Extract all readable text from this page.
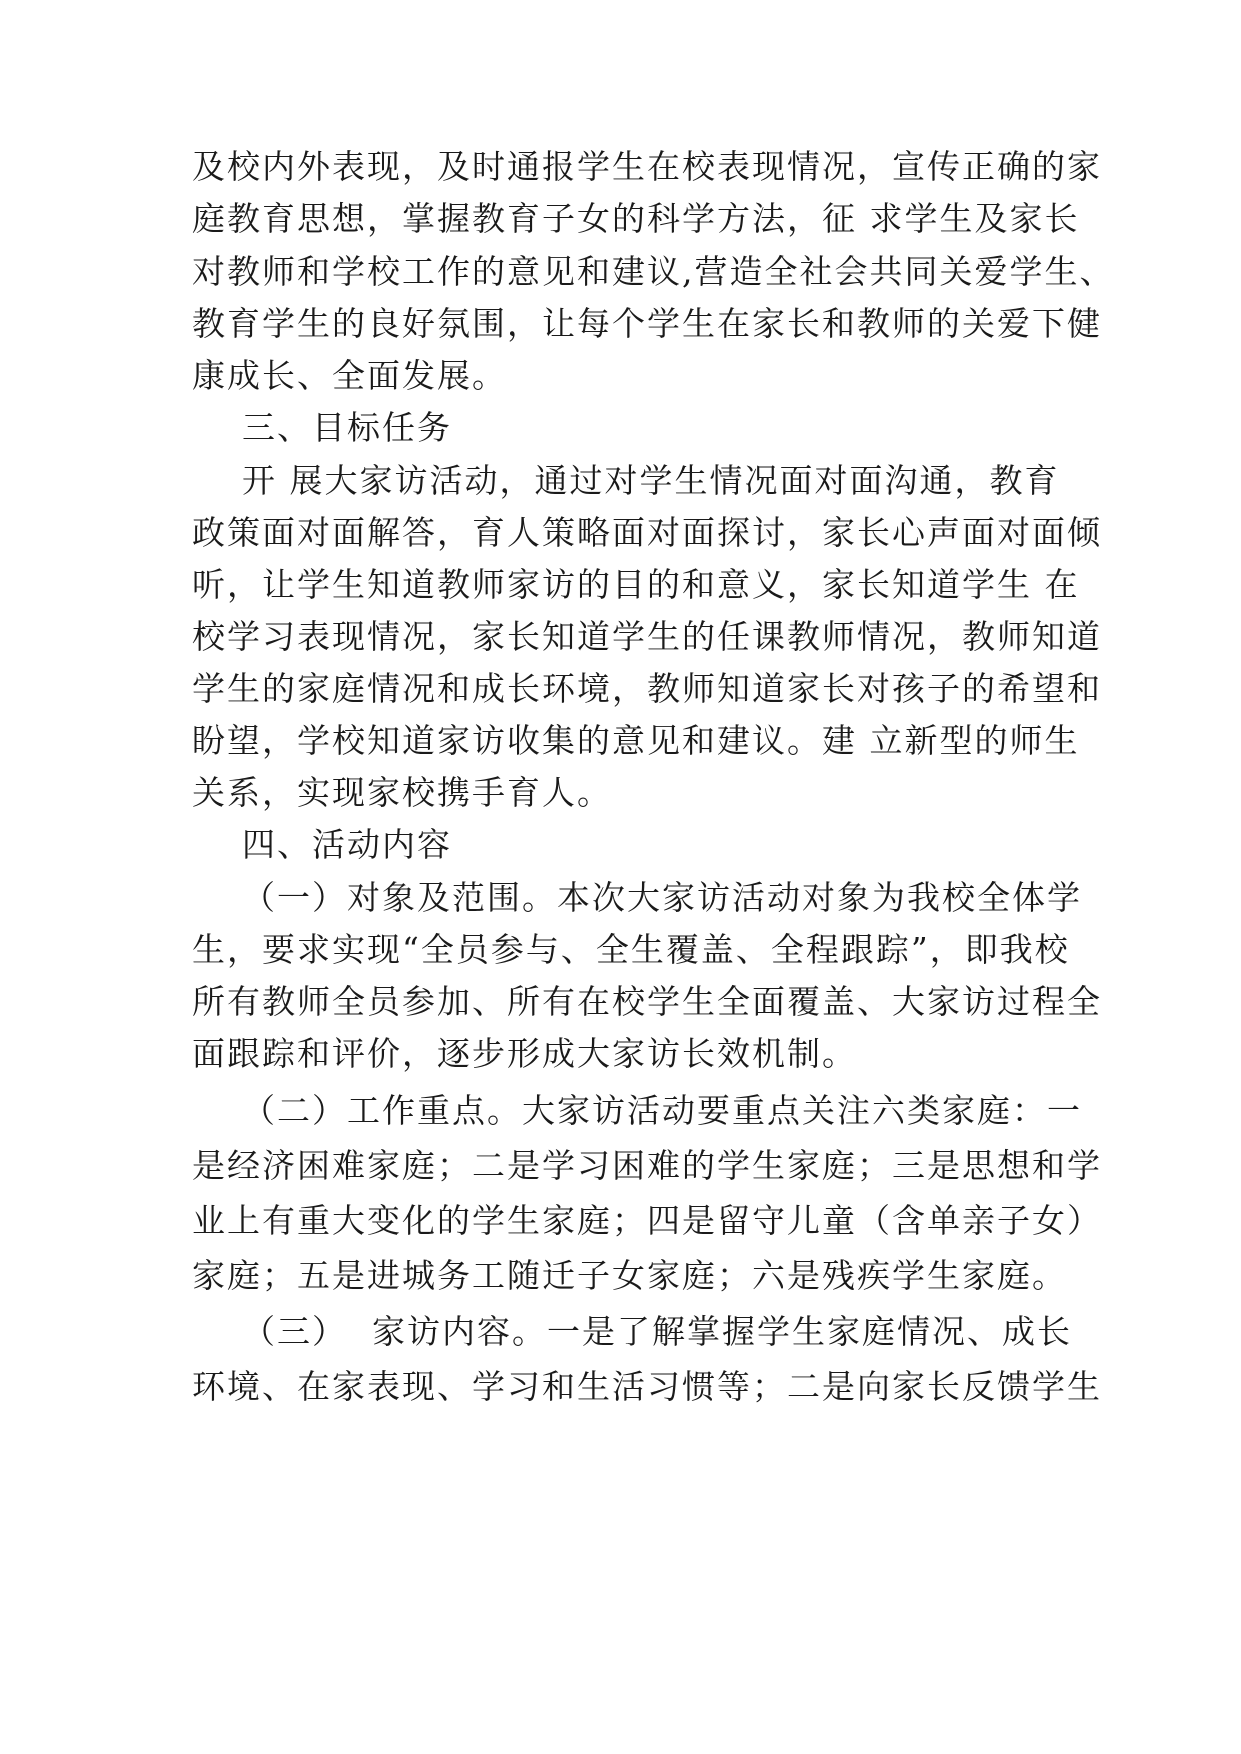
及校内外表现，及时通报学生在校表现情况，宣传正确的家
庭教育思想，掌握教育子女的科学方法，征 求学生及家长
对教师和学校工作的意见和建议,营造全社会共同关爱学生、
教育学生的良好氛围，让每个学生在家长和教师的关爱下健
康成长、全面发展。
三、目标任务
开 展大家访活动，通过对学生情况面对面沟通，教育
政策面对面解答，育人策略面对面探讨，家长心声面对面倾
听，让学生知道教师家访的目的和意义，家长知道学生 在
校学习表现情况，家长知道学生的任课教师情况，教师知道
学生的家庭情况和成长环境，教师知道家长对孩子的希望和
盼望，学校知道家访收集的意见和建议。建 立新型的师生
关系，实现家校携手育人。
四、活动内容
（一）对象及范围。本次大家访活动对象为我校全体学
生，要求实现“全员参与、全生覆盖、全程跟踪”，即我校
所有教师全员参加、所有在校学生全面覆盖、大家访过程全
面跟踪和评价，逐步形成大家访长效机制。
（二）工作重点。大家访活动要重点关注六类家庭：一
是经济困难家庭；二是学习困难的学生家庭；三是思想和学
业上有重大变化的学生家庭；四是留守儿童（含单亲子女）
家庭；五是进城务工随迁子女家庭；六是残疾学生家庭。
（三）  家访内容。一是了解掌握学生家庭情况、成长
环境、在家表现、学习和生活习惯等；二是向家长反馈学生
